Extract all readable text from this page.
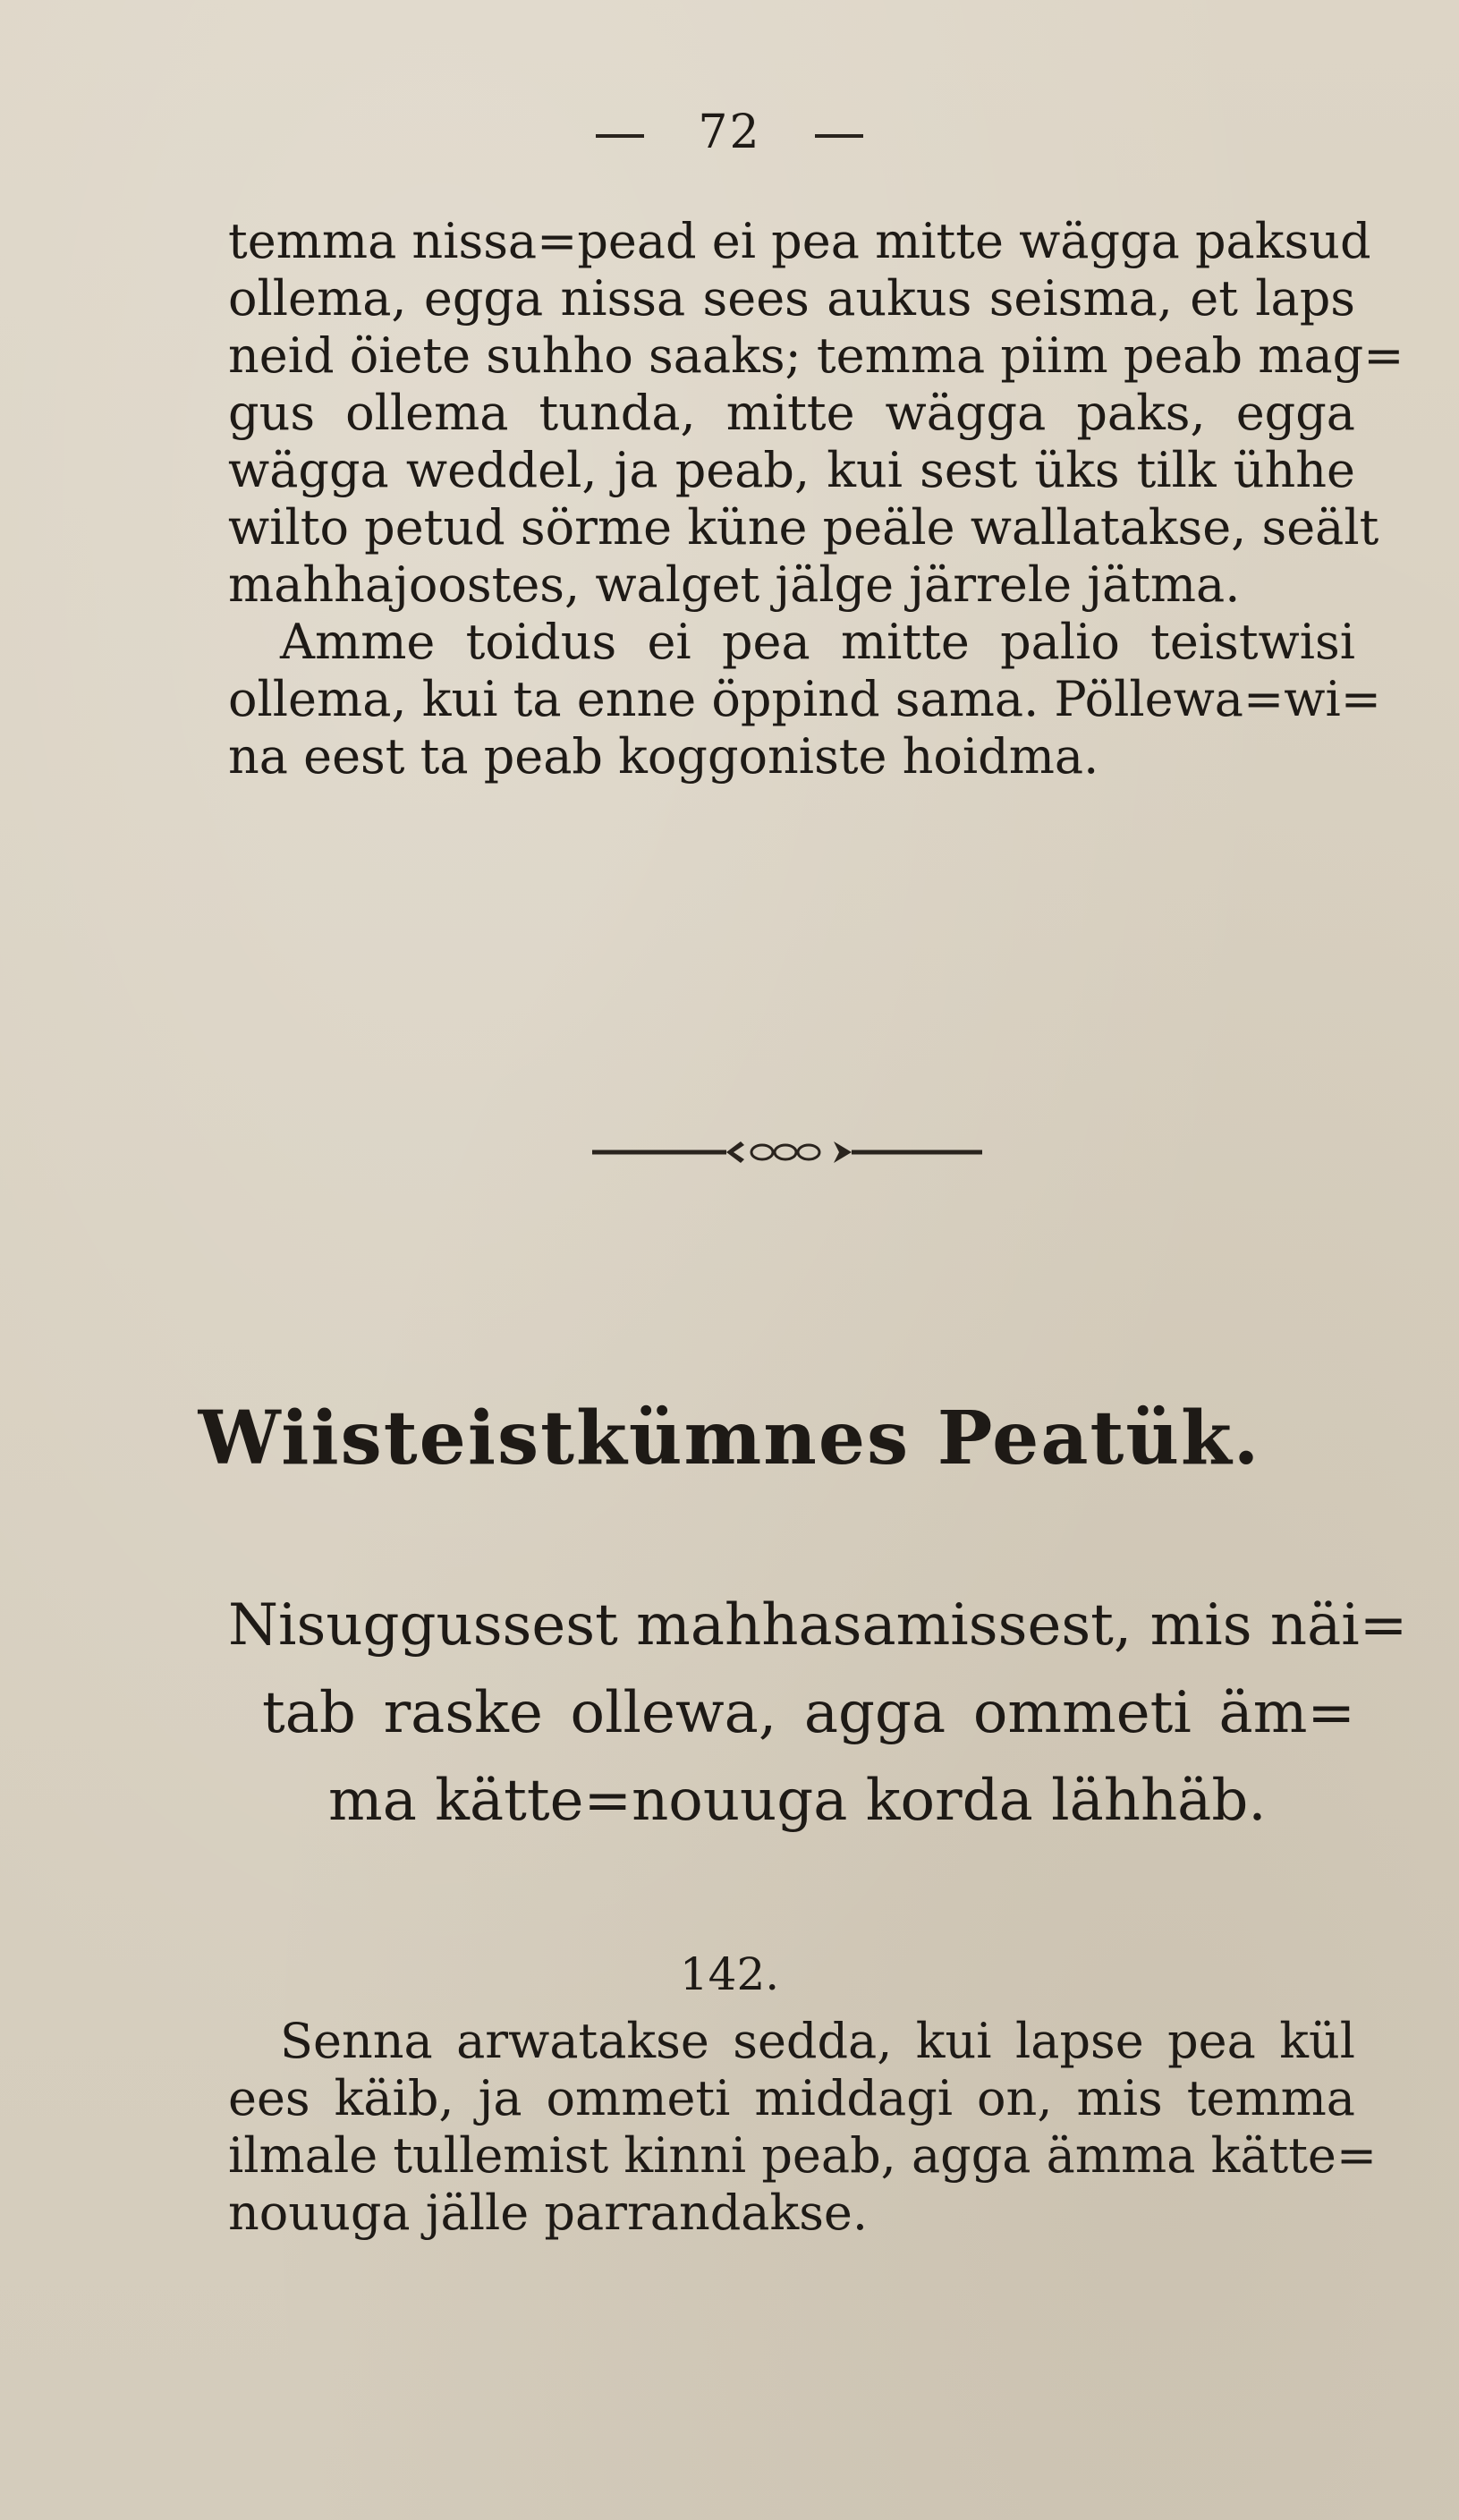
72
temma nissa=pead ei pea mitte wägga paksud
ollema, egga nissa sees aukus seisma, et laps
neid öiete suhho saaks; temma piim peab mag=
gus ollema tunda, mitte wägga paks, egga
wägga weddel, ja peab, kui sest üks tilk ühhe
wilto petud sörme küne peäle wallatakse, seält
mahhajoostes, walget jälge järrele jätma.
Amme toidus ei pea mitte palio teistwisi
ollema, kui ta enne öppind sama. Pöllewa=wi=
na eest ta peab koggoniste hoidma.
Wiisteistkümnes Peatük.
Nisuggussest mahhasamissest, mis näi=
tab raske ollewa, agga ommeti äm=
ma kätte=nouuga korda lähhäb.
142.
Senna arwatakse sedda, kui lapse pea kül
ees käib, ja ommeti middagi on, mis temma
ilmale tullemist kinni peab, agga ämma kätte=
nouuga jälle parrandakse.
